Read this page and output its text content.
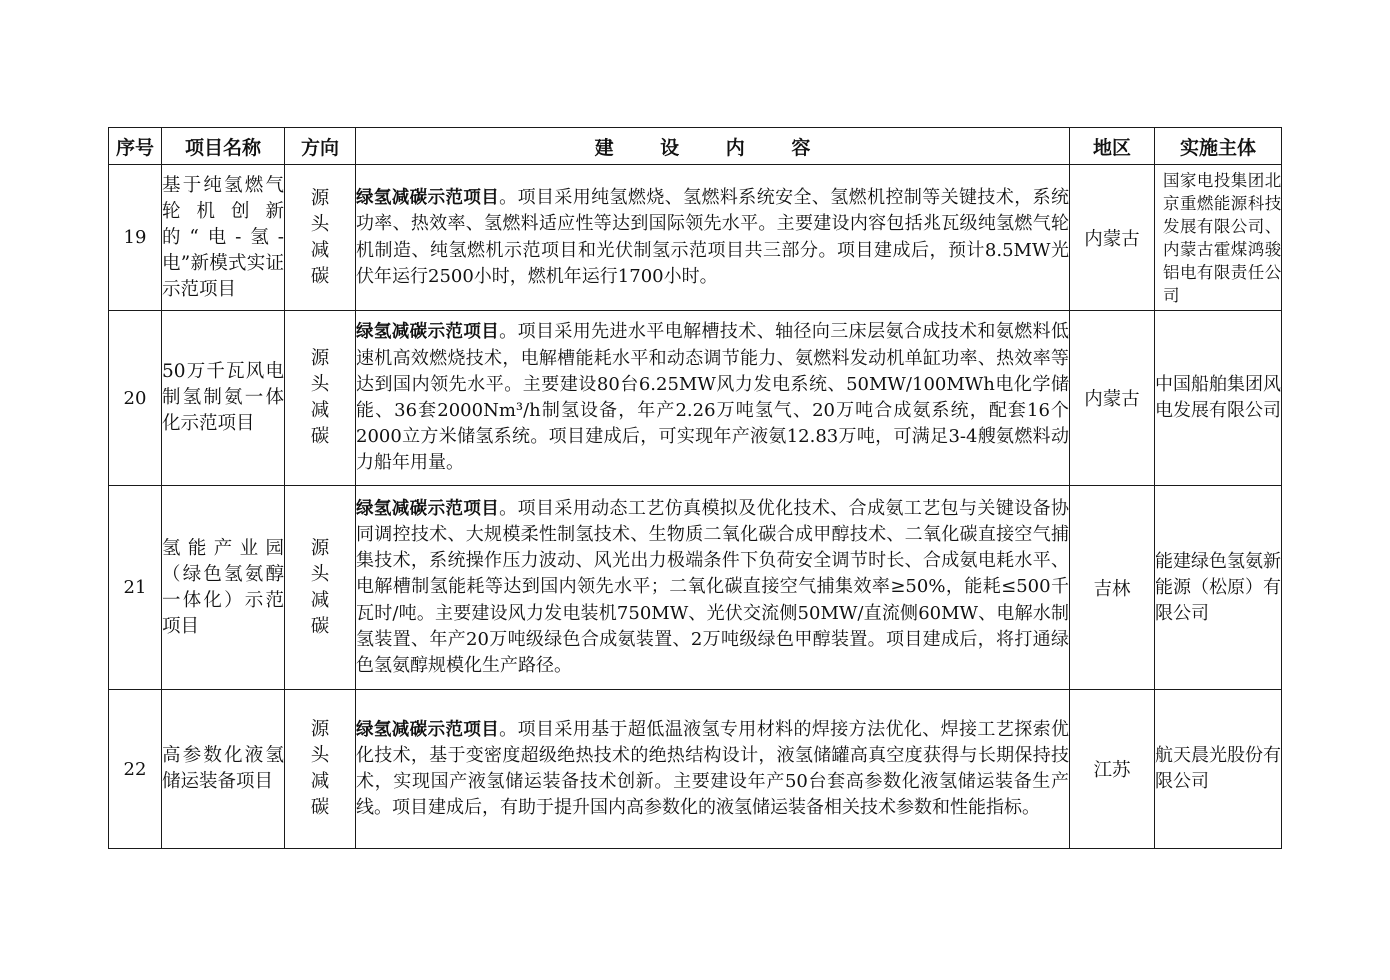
序号	项目名称	方向	建 设 内 容	地区	实施主体
19	基于纯氢燃气轮机创新的“电-氢-电”新模式实证示范项目	源头减碳	绿氢减碳示范项目。项目采用纯氢燃烧、氢燃料系统安全、氢燃机控制等关键技术，系统功率、热效率、氢燃料适应性等达到国际领先水平。主要建设内容包括兆瓦级纯氢燃气轮机制造、纯氢燃机示范项目和光伏制氢示范项目共三部分。项目建成后，预计8.5MW光伏年运行2500小时，燃机年运行1700小时。	内蒙古	国家电投集团北京重燃能源科技发展有限公司、内蒙古霍煤鸿骏铝电有限责任公司
20	50万千瓦风电制氢制氨一体化示范项目	源头减碳	绿氢减碳示范项目。项目采用先进水平电解槽技术、轴径向三床层氨合成技术和氨燃料低速机高效燃烧技术，电解槽能耗水平和动态调节能力、氨燃料发动机单缸功率、热效率等达到国内领先水平。主要建设80台6.25MW风力发电系统、50MW/100MWh电化学储能、36套2000Nm³/h制氢设备，年产2.26万吨氢气、20万吨合成氨系统，配套16个2000立方米储氢系统。项目建成后，可实现年产液氨12.83万吨，可满足3-4艘氨燃料动力船年用量。	内蒙古	中国船舶集团风电发展有限公司
21	氢能产业园（绿色氢氨醇一体化）示范项目	源头减碳	绿氢减碳示范项目。项目采用动态工艺仿真模拟及优化技术、合成氨工艺包与关键设备协同调控技术、大规模柔性制氢技术、生物质二氧化碳合成甲醇技术、二氧化碳直接空气捕集技术，系统操作压力波动、风光出力极端条件下负荷安全调节时长、合成氨电耗水平、电解槽制氢能耗等达到国内领先水平；二氧化碳直接空气捕集效率≥50%，能耗≤500千瓦时/吨。主要建设风力发电装机750MW、光伏交流侧50MW/直流侧60MW、电解水制氢装置、年产20万吨级绿色合成氨装置、2万吨级绿色甲醇装置。项目建成后，将打通绿色氢氨醇规模化生产路径。	吉林	能建绿色氢氨新能源（松原）有限公司
22	高参数化液氢储运装备项目	源头减碳	绿氢减碳示范项目。项目采用基于超低温液氢专用材料的焊接方法优化、焊接工艺探索优化技术，基于变密度超级绝热技术的绝热结构设计，液氢储罐高真空度获得与长期保持技术，实现国产液氢储运装备技术创新。主要建设年产50台套高参数化液氢储运装备生产线。项目建成后，有助于提升国内高参数化的液氢储运装备相关技术参数和性能指标。	江苏	航天晨光股份有限公司
